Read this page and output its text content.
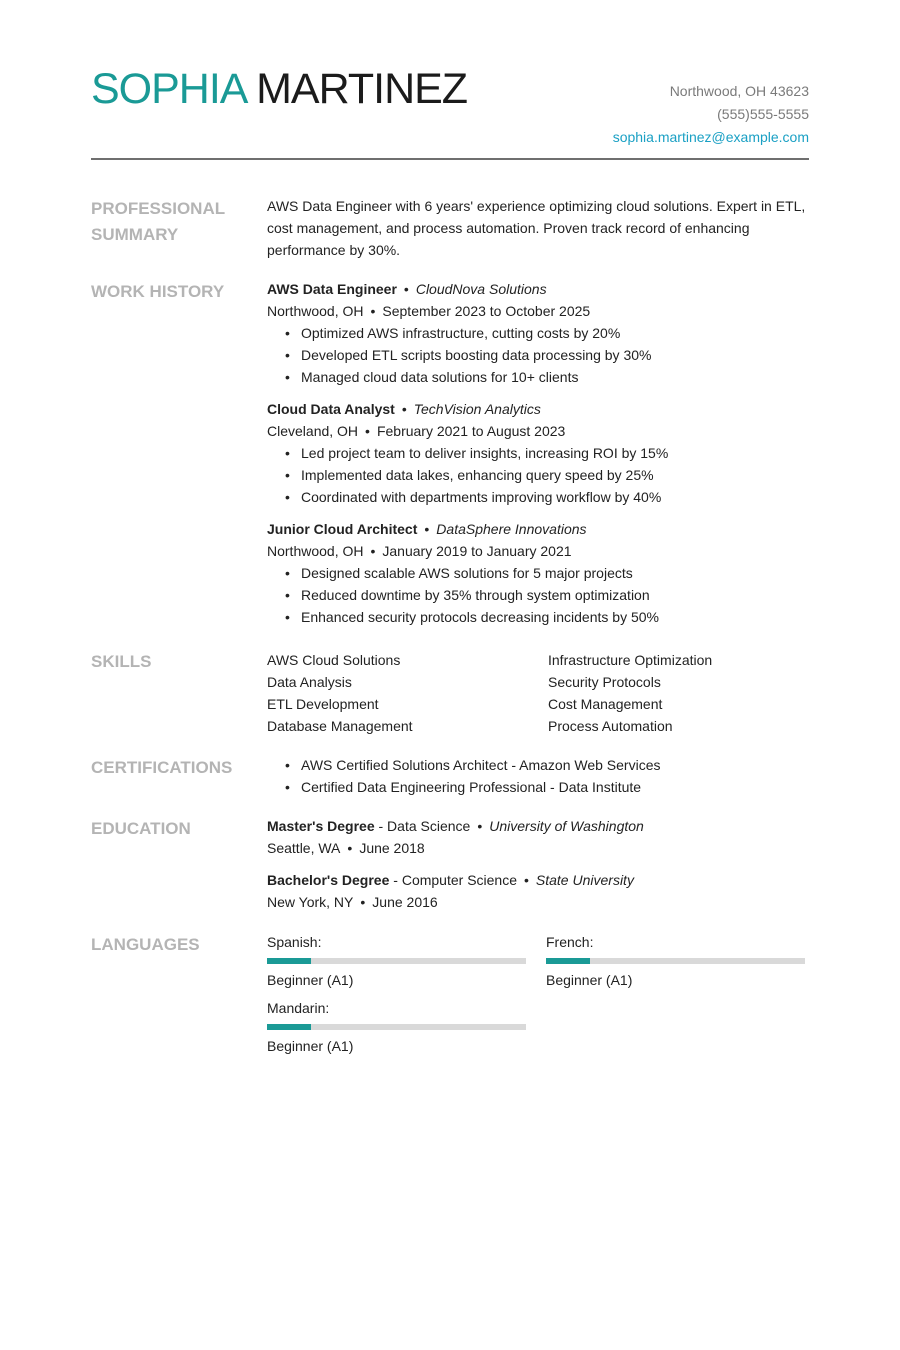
SOPHIA MARTINEZ	Northwood, OH 43623
(555)555-5555
sophia.martinez@example.com
PROFESSIONAL
SUMMARY
AWS Data Engineer with 6 years' experience optimizing cloud solutions. Expert in ETL, cost management, and process automation. Proven track record of enhancing performance by 30%.
WORK HISTORY	AWS Data Engineer • CloudNova Solutions
Northwood, OH • September 2023 to October 2025
• Optimized AWS infrastructure, cutting costs by 20%
• Developed ETL scripts boosting data processing by 30%
• Managed cloud data solutions for 10+ clients
Cloud Data Analyst • TechVision Analytics
Cleveland, OH • February 2021 to August 2023
• Led project team to deliver insights, increasing ROI by 15%
• Implemented data lakes, enhancing query speed by 25%
• Coordinated with departments improving workflow by 40%
Junior Cloud Architect • DataSphere Innovations
Northwood, OH • January 2019 to January 2021
• Designed scalable AWS solutions for 5 major projects
• Reduced downtime by 35% through system optimization
• Enhanced security protocols decreasing incidents by 50%
SKILLS	AWS Cloud Solutions	Infrastructure Optimization
Data Analysis	Security Protocols
ETL Development	Cost Management
Database Management	Process Automation
CERTIFICATIONS
•	AWS Certified Solutions Architect - Amazon Web Services
• Certified Data Engineering Professional - Data Institute
EDUCATION	Master's Degree - Data Science • University of Washington
Seattle, WA • June 2018
Bachelor's Degree - Computer Science • State University
New York, NY • June 2016
LANGUAGES	Spanish:
Beginner (A1)
French:
Beginner (A1)
Mandarin:
Beginner (A1)
